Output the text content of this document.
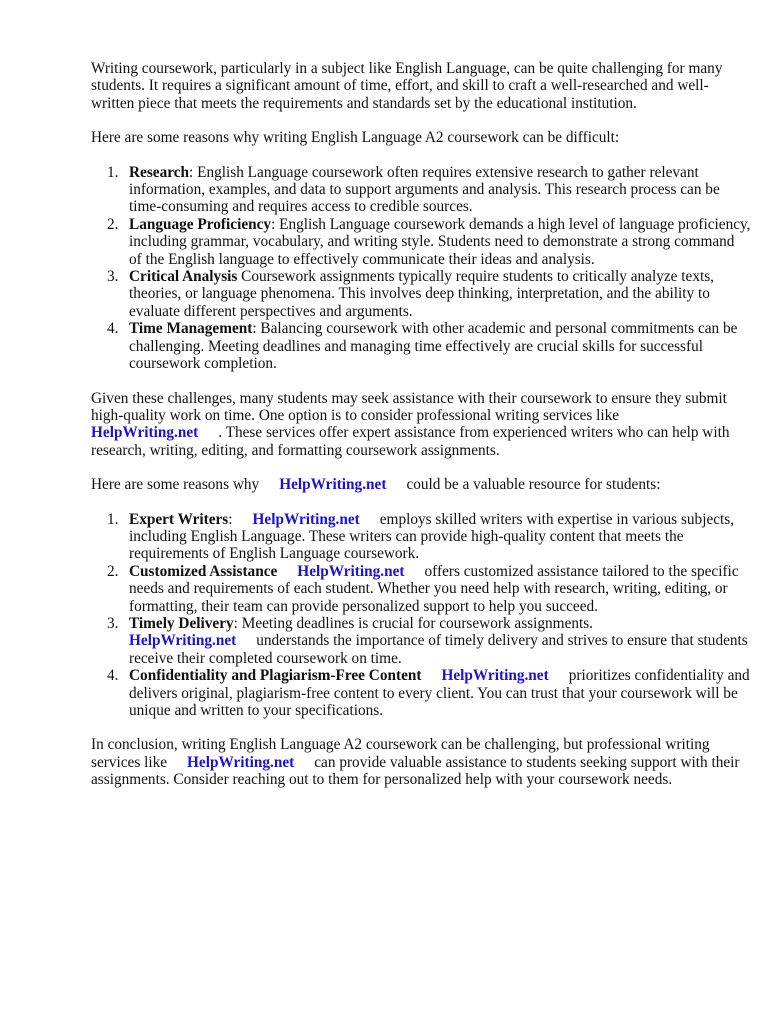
Writing coursework, particularly in a subject like English Language, can be quite challenging for many students. It requires a significant amount of time, effort, and skill to craft a well-researched and well-written piece that meets the requirements and standards set by the educational institution.

Here are some reasons why writing English Language A2 coursework can be difficult:

1. Research: English Language coursework often requires extensive research to gather relevant information, examples, and data to support arguments and analysis. This research process can be time-consuming and requires access to credible sources.
2. Language Proficiency: English Language coursework demands a high level of language proficiency, including grammar, vocabulary, and writing style. Students need to demonstrate a strong command of the English language to effectively communicate their ideas and analysis.
3. Critical Analysis Coursework assignments typically require students to critically analyze texts, theories, or language phenomena. This involves deep thinking, interpretation, and the ability to evaluate different perspectives and arguments.
4. Time Management: Balancing coursework with other academic and personal commitments can be challenging. Meeting deadlines and managing time effectively are crucial skills for successful coursework completion.

Given these challenges, many students may seek assistance with their coursework to ensure they submit high-quality work on time. One option is to consider professional writing services like
HelpWriting.net . These services offer expert assistance from experienced writers who can help with research, writing, editing, and formatting coursework assignments.

Here are some reasons why HelpWriting.net could be a valuable resource for students:

1. Expert Writers: HelpWriting.net employs skilled writers with expertise in various subjects, including English Language. These writers can provide high-quality content that meets the requirements of English Language coursework.
2. Customized Assistance HelpWriting.net offers customized assistance tailored to the specific needs and requirements of each student. Whether you need help with research, writing, editing, or formatting, their team can provide personalized support to help you succeed.
3. Timely Delivery: Meeting deadlines is crucial for coursework assignments.
HelpWriting.net understands the importance of timely delivery and strives to ensure that students receive their completed coursework on time.
4. Confidentiality and Plagiarism-Free Content HelpWriting.net prioritizes confidentiality and delivers original, plagiarism-free content to every client. You can trust that your coursework will be unique and written to your specifications.

In conclusion, writing English Language A2 coursework can be challenging, but professional writing services like HelpWriting.net can provide valuable assistance to students seeking support with their assignments. Consider reaching out to them for personalized help with your coursework needs.
